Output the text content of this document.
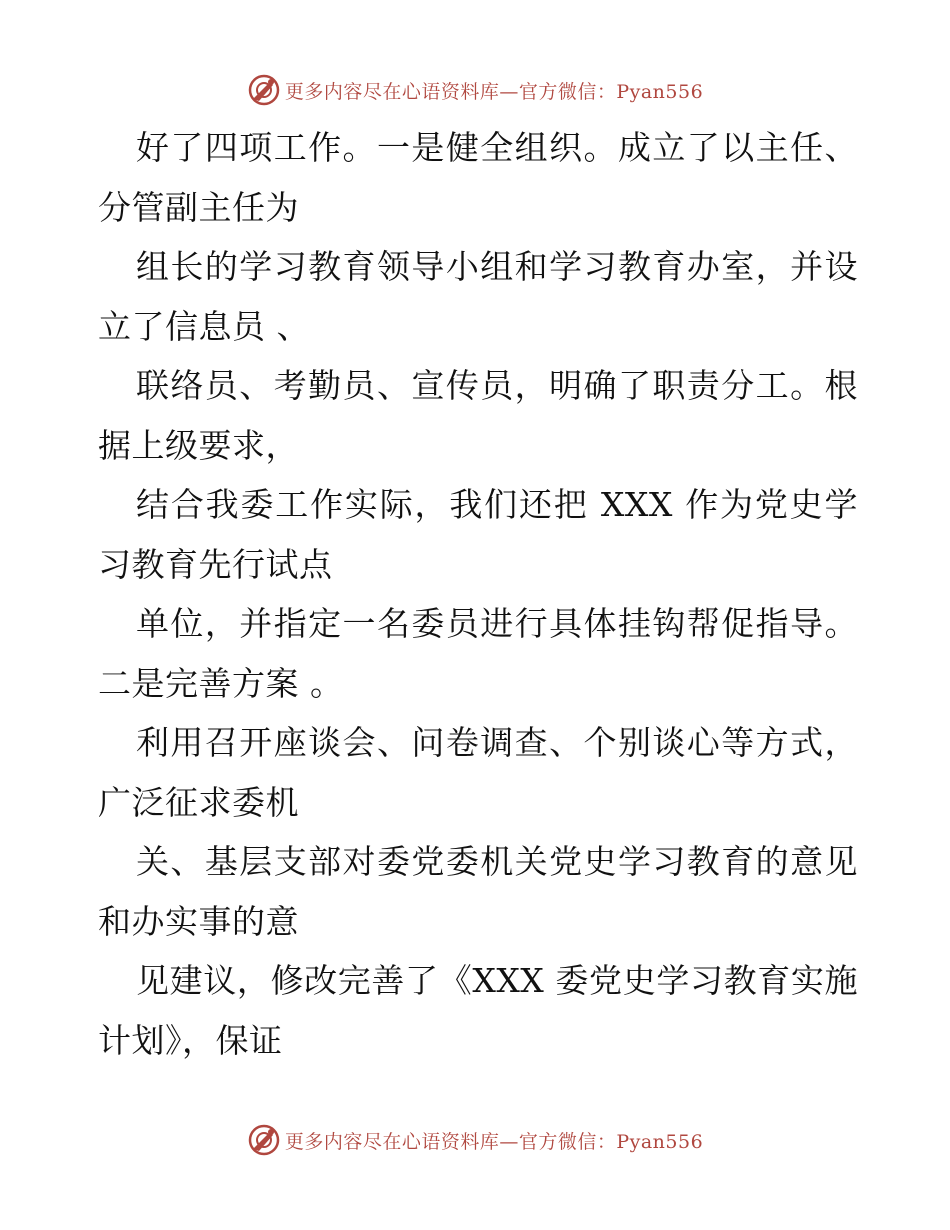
更多内容尽在心语资料库—官方微信：Pyan556

好了四项工作。一是健全组织。成立了以主任、分管副主任为

组长的学习教育领导小组和学习教育办室，并设立了信息员 、

联络员、考勤员、宣传员，明确了职责分工。根据上级要求，

结合我委工作实际，我们还把 XXX 作为党史学习教育先行试点

单位，并指定一名委员进行具体挂钩帮促指导。二是完善方案 。

利用召开座谈会、问卷调查、个别谈心等方式，广泛征求委机

关、基层支部对委党委机关党史学习教育的意见和办实事的意

见建议，修改完善了《XXX 委党史学习教育实施计划》，保证

更多内容尽在心语资料库—官方微信：Pyan556
